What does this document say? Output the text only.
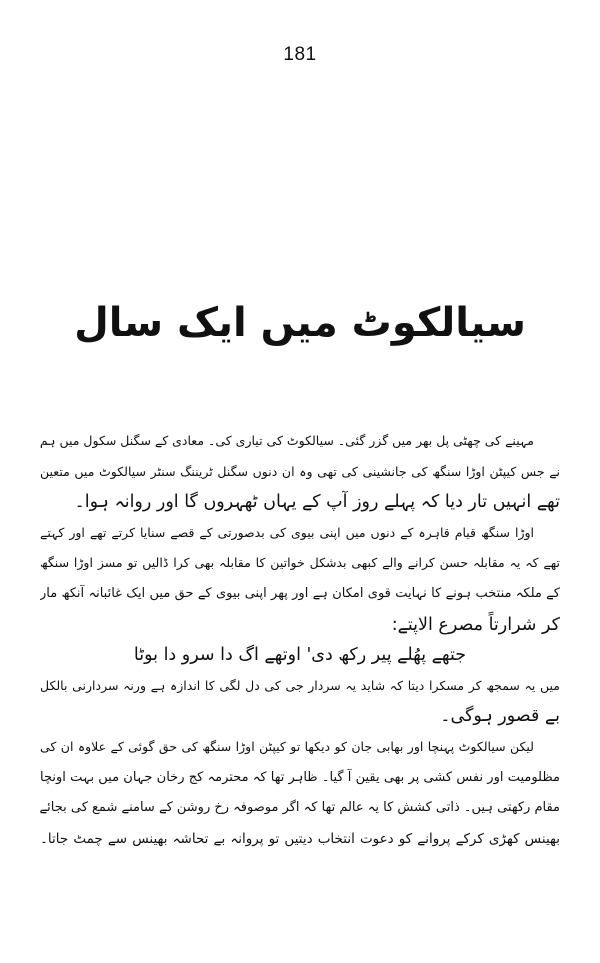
181
سیالکوٹ میں ایک سال
مہینے کی چھٹی پل بھر میں گزر گئی۔ سیالکوٹ کی تیاری کی۔ معادی کے سگنل سکول میں ہم
نے جس کیپٹن اوڑا سنگھ کی جانشینی کی تھی وہ ان دنوں سگنل ٹریننگ سنٹر سیالکوٹ میں متعین
تھے انہیں تار دیا کہ پہلے روز آپ کے یہاں ٹھہروں گا اور روانہ ہوا۔
اوڑا سنگھ قیام قاہرہ کے دنوں میں اپنی بیوی کی بدصورتی کے قصے سنایا کرتے تھے اور کہتے
تھے کہ یہ مقابلہ حسن کرانے والے کبھی بدشکل خواتین کا مقابلہ بھی کرا ڈالیں تو مسز اوڑا سنگھ
کے ملکہ منتخب ہونے کا نہایت قوی امکان ہے اور پھر اپنی بیوی کے حق میں ایک غائبانہ آنکھ مار
کر شرارتاً مصرع الاپتے:
جتھے پھُلے پیر رکھ دی' اوتھے اگ دا سرو دا بوٹا
میں یہ سمجھ کر مسکرا دیتا کہ شاید یہ سردار جی کی دل لگی کا اندازہ ہے ورنہ سردارنی بالکل
بے قصور ہوگی۔
لیکن سیالکوٹ پہنچا اور بھابی جان کو دیکھا تو کیپٹن اوڑا سنگھ کی حق گوئی کے علاوہ ان کی
مظلومیت اور نفس کشی پر بھی یقین آ گیا۔ ظاہر تھا کہ محترمہ کج رخان جہان میں بہت اونچا
مقام رکھتی ہیں۔ ذاتی کشش کا یہ عالم تھا کہ اگر موصوفہ رخ روشن کے سامنے شمع کی بجائے
بھینس کھڑی کرکے پروانے کو دعوت انتخاب دیتیں تو پروانہ بے تحاشہ بھینس سے چمٹ جاتا۔
